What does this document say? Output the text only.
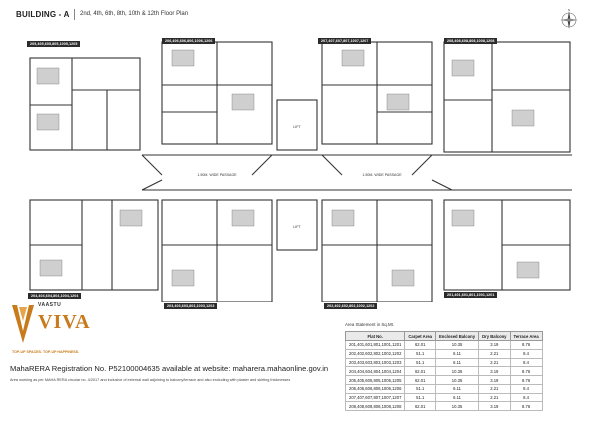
BUILDING - A 2nd, 4th, 6th, 8th, 10th & 12th Floor Plan
N
1.50M. WIDE PASSAGE	1.50M. WIDE PASSAGE
LIFT
LIFT
205,405,605,805,1005,1205
206,406,606,806,1006,1206	207,407,607,807,1007,1207	208,408,608,808,1008,1208
204,404,604,804,1004,1204
203,403,603,803,1003,1203	202,402,602,802,1002,1202
201,401,601,801,1001,1201
VAASTU
VIVA
TOP-UP SPACES. TOP-UP HAPPINESS.
MahaRERA Registration No. P52100004635 available at website: maharera.mahaonline.gov.in
Area working as per MAHA RERA circular no. 4/2017 and inclusive of external wall adjoining to balcony/terrace and also excluding with plaster and skirting thicknesses
Area Statement in Sq.Mt.
Flat No.	Carpet Area	Enclosed Balcony	Dry Balcony	Terrace Area
201,401,601,801,1001,1201	62.01	10.35	3.19	8.76
202,402,602,802,1002,1202	51.1	6.11	2.21	8.4
203,403,603,803,1003,1203	51.1	6.11	2.21	8.4
204,404,604,804,1004,1204	62.01	10.35	3.19	8.76
205,405,605,805,1005,1205	62.01	10.35	3.19	8.76
206,406,606,806,1006,1206	51.1	6.11	2.21	8.4
207,407,607,807,1007,1207	51.1	6.11	2.21	8.4
208,408,608,808,1008,1208	62.01	10.35	3.19	8.76
